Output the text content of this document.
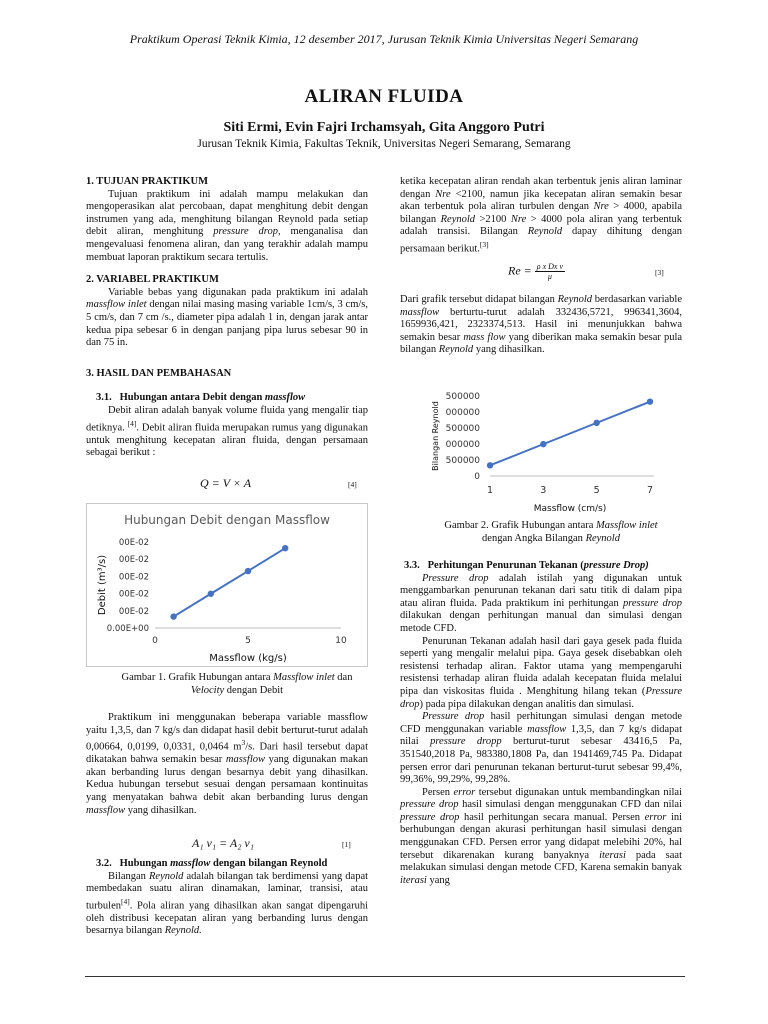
Praktikum Operasi Teknik Kimia, 12 desember 2017, Jurusan Teknik Kimia Universitas Negeri Semarang
ALIRAN FLUIDA
Siti Ermi, Evin Fajri Irchamsyah, Gita Anggoro Putri
Jurusan Teknik Kimia, Fakultas Teknik, Universitas Negeri Semarang, Semarang
1. TUJUAN PRAKTIKUM

Tujuan praktikum ini adalah mampu melakukan dan mengoperasikan alat percobaan, dapat menghitung debit dengan instrumen yang ada, menghitung bilangan Reynold pada setiap debit aliran, menghitung pressure drop, menganalisa dan mengevaluasi fenomena aliran, dan yang terakhir adalah mampu membuat laporan praktikum secara tertulis.

2. VARIABEL PRAKTIKUM

Variable bebas yang digunakan pada praktikum ini adalah massflow inlet dengan nilai masing masing variable 1cm/s, 3 cm/s, 5 cm/s, dan 7 cm /s., diameter pipa adalah 1 in, dengan jarak antar kedua pipa sebesar 6 in dengan panjang pipa lurus sebesar 90 in dan 75 in.

3. HASIL DAN PEMBAHASAN
3.1. Hubungan antara Debit dengan massflow

Debit aliran adalah banyak volume fluida yang mengalir tiap detiknya. [4]. Debit aliran fluida merupakan rumus yang digunakan untuk menghitung kecepatan aliran fluida, dengan persamaan sebagai berikut :

Q = V × A	[4]
Hubungan Debit dengan Massflow
0.00E+00
00E-02
00E-02
00E-02
00E-02
00E-02
0	5	10
Massflow (kg/s)
Debit (m³/s)
Gambar 1. Grafik Hubungan antara Massflow inlet dan
Velocity dengan Debit

Praktikum ini menggunakan beberapa variable massflow yaitu 1,3,5, dan 7 kg/s dan didapat hasil debit berturut-turut adalah 0,00664, 0,0199, 0,0331, 0,0464 $m^3/s$. Dari hasil tersebut dapat dikatakan bahwa semakin besar massflow yang digunakan makan akan berbanding lurus dengan besarnya debit yang dihasilkan. Kedua hubungan tersebut sesuai dengan persamaan kontinuitas yang menyatakan bahwa debit akan berbanding lurus dengan massflow yang dihasilkan.

A₁ v₁ = A₂ v₁	[1]
3.2. Hubungan massflow dengan bilangan Reynold

Bilangan Reynold adalah bilangan tak berdimensi yang dapat membedakan suatu aliran dinamakan, laminar, transisi, atau turbulen[4]. Pola aliran yang dihasilkan akan sangat dipengaruhi oleh distribusi kecepatan aliran yang berbanding lurus dengan besarnya bilangan Reynold.

ketika kecepatan aliran rendah akan terbentuk jenis aliran laminar dengan Nre <2100, namun jika kecepatan aliran semakin besar akan terbentuk pola aliran turbulen dengan Nre > 4000, apabila bilangan Reynold >2100 Nre > 4000 pola aliran yang terbentuk adalah transisi. Bilangan Reynold dapay dihitung dengan persamaan berikut.[3]

$Re = \frac{\text{ρ x Dx v}}{\mu}$	[3]

Dari grafik tersebut didapat bilangan Reynold berdasarkan variable massflow berturtu-turut adalah 332436,5721, 996341,3604, 1659936,421, 2323374,513. Hasil ini menunjukkan bahwa semakin besar mass flow yang diberikan maka semakin besar pula bilangan Reynold yang dihasilkan.

0
500000
000000
500000
000000
500000
1	3	5	7
Massflow (cm/s)
Bilangan Reynold
Gambar 2. Grafik Hubungan antara Massflow inlet
dengan Angka Bilangan Reynold
3.3. Perhitungan Penurunan Tekanan (pressure Drop)

Pressure drop adalah istilah yang digunakan untuk menggambarkan penurunan tekanan dari satu titik di dalam pipa atau aliran fluida. Pada praktikum ini perhitungan pressure drop dilakukan dengan perhitungan manual dan simulasi dengan metode CFD.

Penurunan Tekanan adalah hasil dari gaya gesek pada fluida seperti yang mengalir melalui pipa. Gaya gesek disebabkan oleh resistensi terhadap aliran. Faktor utama yang mempengaruhi resistensi terhadap aliran fluida adalah kecepatan fluida melalui pipa dan viskositas fluida . Menghitung hilang tekan (Pressure drop) pada pipa dilakukan dengan analitis dan simulasi.

Pressure drop hasil perhitungan simulasi dengan metode CFD menggunakan variable massflow 1,3,5, dan 7 kg/s didapat nilai pressure dropp berturut-turut sebesar 43416,5 Pa, 351540,2018 Pa, 983380,1808 Pa, dan 1941469,745 Pa. Didapat persen error dari penurunan tekanan berturut-turut sebesar 99,4%, 99,36%, 99,29%, 99,28%.

Persen error tersebut digunakan untuk membandingkan nilai pressure drop hasil simulasi dengan menggunakan CFD dan nilai pressure drop hasil perhitungan secara manual. Persen error ini berhubungan dengan akurasi perhitungan hasil simulasi dengan menggunakan CFD. Persen error yang didapat melebihi 20%, hal tersebut dikarenakan kurang banyaknya iterasi pada saat melakukan simulasi dengan metode CFD, Karena semakin banyak iterasi yang
